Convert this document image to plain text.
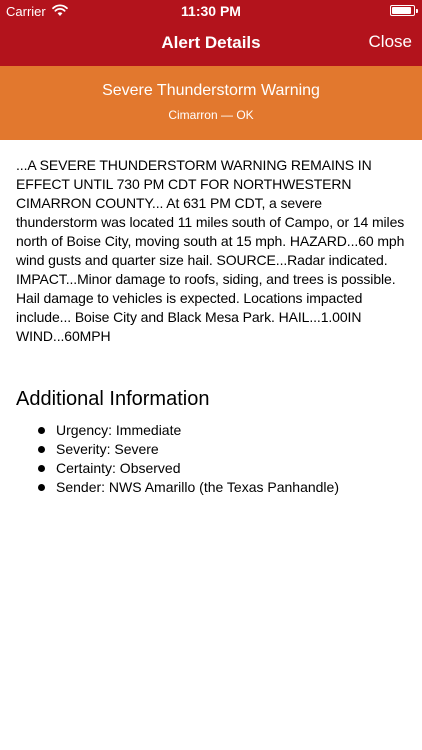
Carrier	11:30 PM
Alert Details	Close
Severe Thunderstorm Warning
Cimarron — OK
...A SEVERE THUNDERSTORM WARNING REMAINS IN EFFECT UNTIL 730 PM CDT FOR NORTHWESTERN CIMARRON COUNTY... At 631 PM CDT, a severe thunderstorm was located 11 miles south of Campo, or 14 miles north of Boise City, moving south at 15 mph. HAZARD...60 mph wind gusts and quarter size hail. SOURCE...Radar indicated. IMPACT...Minor damage to roofs, siding, and trees is possible. Hail damage to vehicles is expected. Locations impacted include... Boise City and Black Mesa Park. HAIL...1.00IN WIND...60MPH
Additional Information
Urgency: Immediate
Severity: Severe
Certainty: Observed
Sender: NWS Amarillo (the Texas Panhandle)
